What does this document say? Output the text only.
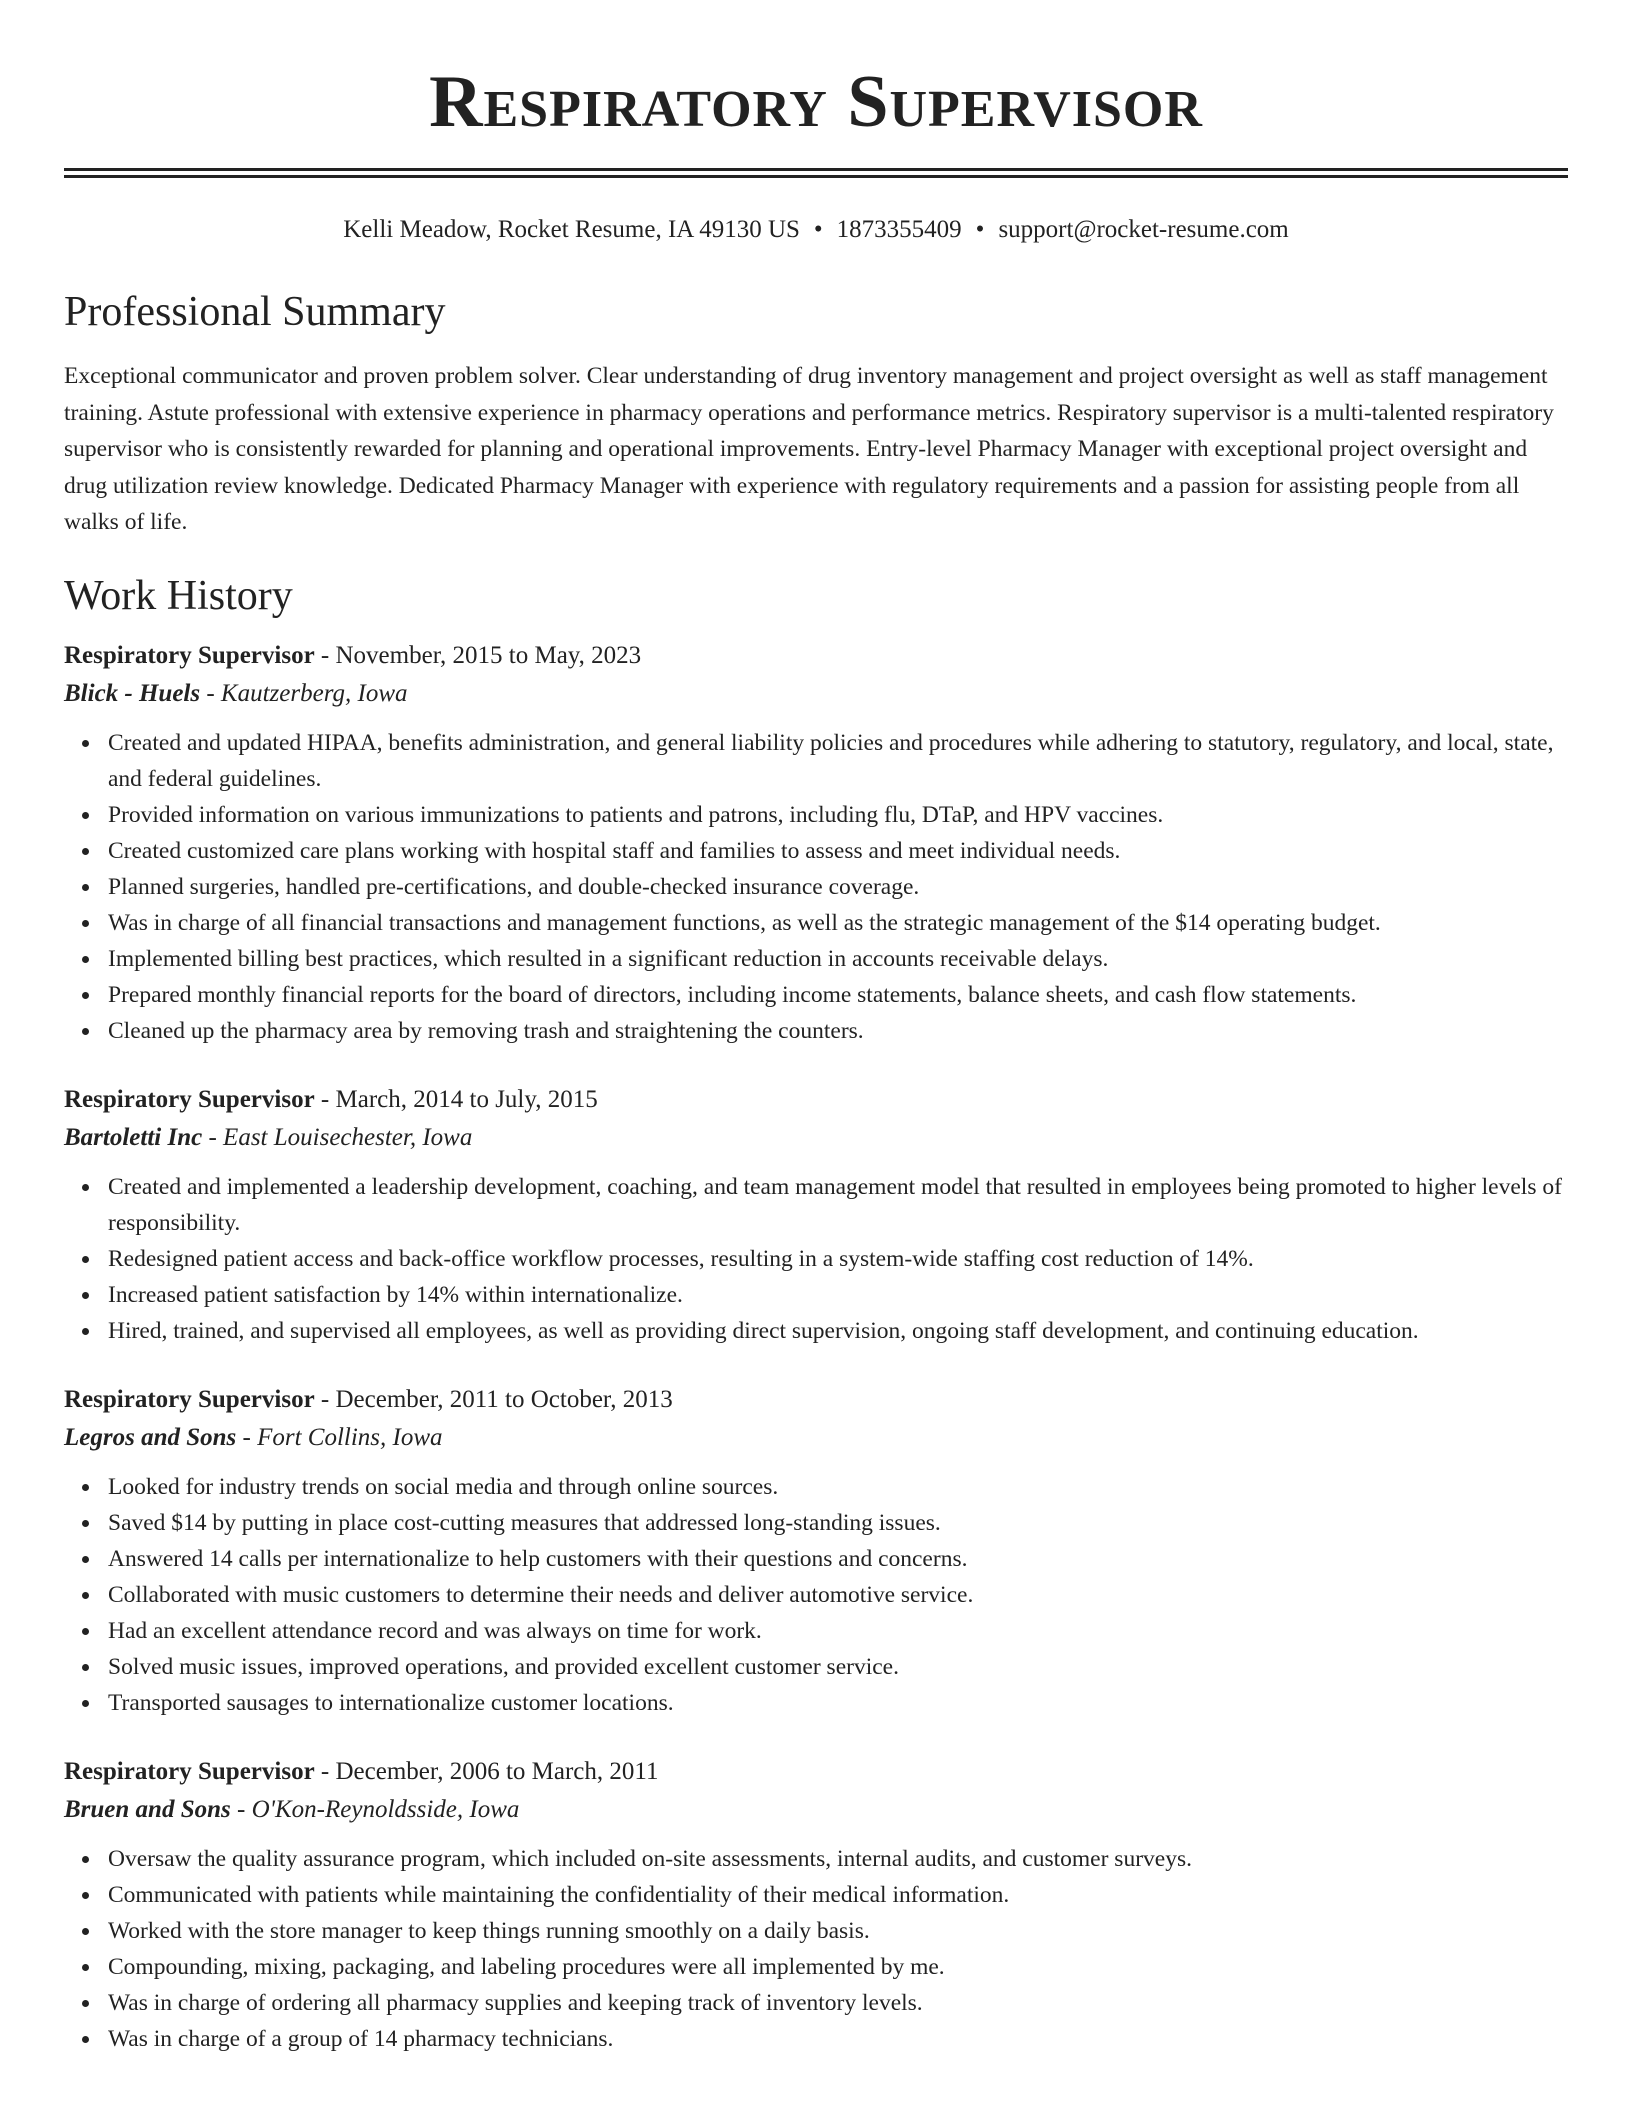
Respiratory Supervisor
Kelli Meadow, Rocket Resume, IA 49130 US • 1873355409 • support@rocket-resume.com
Professional Summary

Exceptional communicator and proven problem solver. Clear understanding of drug inventory management and project oversight as well as staff management training. Astute professional with extensive experience in pharmacy operations and performance metrics. Respiratory supervisor is a multi-talented respiratory supervisor who is consistently rewarded for planning and operational improvements. Entry-level Pharmacy Manager with exceptional project oversight and drug utilization review knowledge. Dedicated Pharmacy Manager with experience with regulatory requirements and a passion for assisting people from all walks of life.

Work History
Respiratory Supervisor - November, 2015 to May, 2023
Blick - Huels - Kautzerberg, Iowa
Created and updated HIPAA, benefits administration, and general liability policies and procedures while adhering to statutory, regulatory, and local, state, and federal guidelines.
Provided information on various immunizations to patients and patrons, including flu, DTaP, and HPV vaccines.
Created customized care plans working with hospital staff and families to assess and meet individual needs.
Planned surgeries, handled pre-certifications, and double-checked insurance coverage.
Was in charge of all financial transactions and management functions, as well as the strategic management of the $14 operating budget.
Implemented billing best practices, which resulted in a significant reduction in accounts receivable delays.
Prepared monthly financial reports for the board of directors, including income statements, balance sheets, and cash flow statements.
Cleaned up the pharmacy area by removing trash and straightening the counters.
Respiratory Supervisor - March, 2014 to July, 2015
Bartoletti Inc - East Louisechester, Iowa
Created and implemented a leadership development, coaching, and team management model that resulted in employees being promoted to higher levels of responsibility.
Redesigned patient access and back-office workflow processes, resulting in a system-wide staffing cost reduction of 14%.
Increased patient satisfaction by 14% within internationalize.
Hired, trained, and supervised all employees, as well as providing direct supervision, ongoing staff development, and continuing education.
Respiratory Supervisor - December, 2011 to October, 2013
Legros and Sons - Fort Collins, Iowa
Looked for industry trends on social media and through online sources.
Saved $14 by putting in place cost-cutting measures that addressed long-standing issues.
Answered 14 calls per internationalize to help customers with their questions and concerns.
Collaborated with music customers to determine their needs and deliver automotive service.
Had an excellent attendance record and was always on time for work.
Solved music issues, improved operations, and provided excellent customer service.
Transported sausages to internationalize customer locations.
Respiratory Supervisor - December, 2006 to March, 2011
Bruen and Sons - O'Kon-Reynoldsside, Iowa
Oversaw the quality assurance program, which included on-site assessments, internal audits, and customer surveys.
Communicated with patients while maintaining the confidentiality of their medical information.
Worked with the store manager to keep things running smoothly on a daily basis.
Compounding, mixing, packaging, and labeling procedures were all implemented by me.
Was in charge of ordering all pharmacy supplies and keeping track of inventory levels.
Was in charge of a group of 14 pharmacy technicians.
